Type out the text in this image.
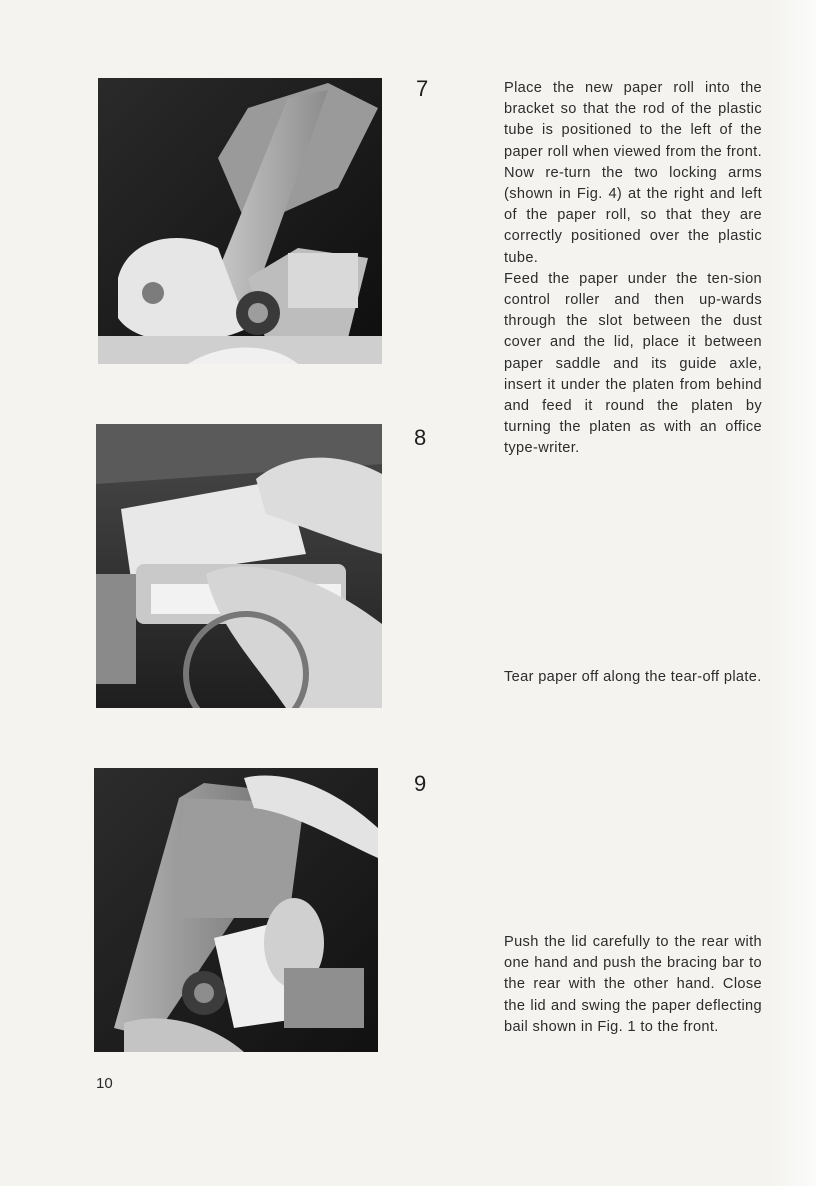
7
8
9

Place the new paper roll into the bracket so that the rod of the plastic tube is positioned to the left of the paper roll when viewed from the front. Now re-turn the two locking arms (shown in Fig. 4) at the right and left of the paper roll, so that they are correctly positioned over the plastic tube.

Feed the paper under the ten-sion control roller and then up-wards through the slot between the dust cover and the lid, place it between paper saddle and its guide axle, insert it under the platen from behind and feed it round the platen by turning the platen as with an office type-writer.

Tear paper off along the tear-off plate.

Push the lid carefully to the rear with one hand and push the bracing bar to the rear with the other hand. Close the lid and swing the paper deflecting bail shown in Fig. 1 to the front.

10
